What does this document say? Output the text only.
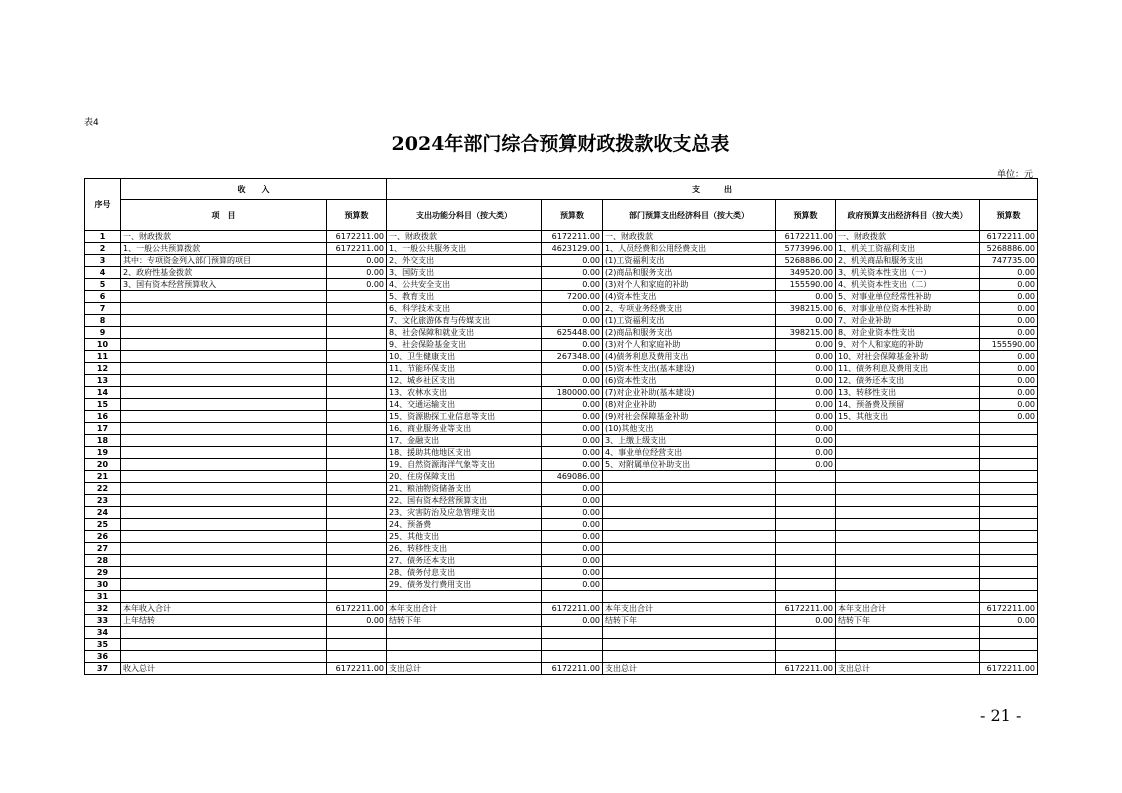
表4
2024年部门综合预算财政拨款收支总表
单位：元
序号	收　　入		支　　　出					
	项　目	预算数	支出功能分科目（按大类）	预算数	部门预算支出经济科目（按大类）	预算数	政府预算支出经济科目（按大类）	预算数
1	一、财政拨款	6172211.00	一、财政拨款	6172211.00	一、财政拨款	6172211.00	一、财政拨款	6172211.00
2	1、一般公共预算拨款	6172211.00	1、一般公共服务支出	4623129.00	1、人员经费和公用经费支出	5773996.00	1、机关工资福利支出	5268886.00
3	其中：专项资金列入部门预算的项目	0.00	2、外交支出	0.00	(1)工资福利支出	5268886.00	2、机关商品和服务支出	747735.00
4	2、政府性基金拨款	0.00	3、国防支出	0.00	(2)商品和服务支出	349520.00	3、机关资本性支出（一）	0.00
5	3、国有资本经营预算收入	0.00	4、公共安全支出	0.00	(3)对个人和家庭的补助	155590.00	4、机关资本性支出（二）	0.00
6			5、教育支出	7200.00	(4)资本性支出	0.00	5、对事业单位经常性补助	0.00
7			6、科学技术支出	0.00	2、专项业务经费支出	398215.00	6、对事业单位资本性补助	0.00
8			7、文化旅游体育与传媒支出	0.00	(1)工资福利支出	0.00	7、对企业补助	0.00
9			8、社会保障和就业支出	625448.00	(2)商品和服务支出	398215.00	8、对企业资本性支出	0.00
10			9、社会保险基金支出	0.00	(3)对个人和家庭补助	0.00	9、对个人和家庭的补助	155590.00
11			10、卫生健康支出	267348.00	(4)债务利息及费用支出	0.00	10、对社会保障基金补助	0.00
12			11、节能环保支出	0.00	(5)资本性支出(基本建设)	0.00	11、债务利息及费用支出	0.00
13			12、城乡社区支出	0.00	(6)资本性支出	0.00	12、债务还本支出	0.00
14			13、农林水支出	180000.00	(7)对企业补助(基本建设)	0.00	13、转移性支出	0.00
15			14、交通运输支出	0.00	(8)对企业补助	0.00	14、预备费及预留	0.00
16			15、资源勘探工业信息等支出	0.00	(9)对社会保障基金补助	0.00	15、其他支出	0.00
17			16、商业服务业等支出	0.00	(10)其他支出	0.00		
18			17、金融支出	0.00	3、上缴上级支出	0.00		
19			18、援助其他地区支出	0.00	4、事业单位经营支出	0.00		
20			19、自然资源海洋气象等支出	0.00	5、对附属单位补助支出	0.00		
21			20、住房保障支出	469086.00				
22			21、粮油物资储备支出	0.00				
23			22、国有资本经营预算支出	0.00				
24			23、灾害防治及应急管理支出	0.00				
25			24、预备费	0.00				
26			25、其他支出	0.00				
27			26、转移性支出	0.00				
28			27、债务还本支出	0.00				
29			28、债务付息支出	0.00				
30			29、债务发行费用支出	0.00				
31								
32	本年收入合计	6172211.00	本年支出合计	6172211.00	本年支出合计	6172211.00	本年支出合计	6172211.00
33	上年结转	0.00	结转下年	0.00	结转下年	0.00	结转下年	0.00
34								
35								
36								
37	收入总计	6172211.00	支出总计	6172211.00	支出总计	6172211.00	支出总计	6172211.00
- 21 -
